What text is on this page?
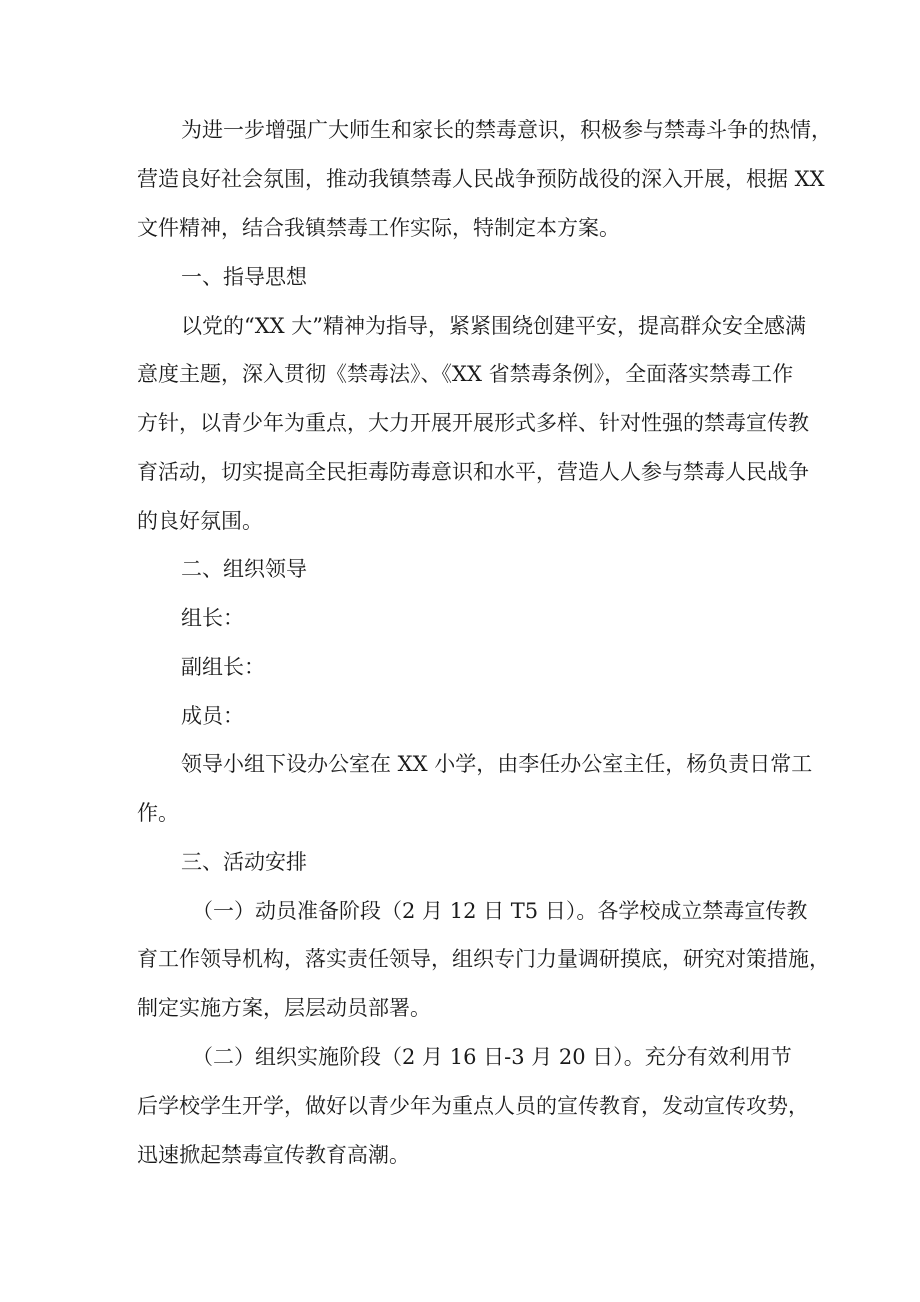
为进一步增强广大师生和家长的禁毒意识，积极参与禁毒斗争的热情，
营造良好社会氛围，推动我镇禁毒人民战争预防战役的深入开展，根据 XX
文件精神，结合我镇禁毒工作实际，特制定本方案。
一、指导思想
以党的“XX 大”精神为指导，紧紧围绕创建平安，提高群众安全感满
意度主题，深入贯彻《禁毒法》、《XX 省禁毒条例》，全面落实禁毒工作
方针，以青少年为重点，大力开展开展形式多样、针对性强的禁毒宣传教
育活动，切实提高全民拒毒防毒意识和水平，营造人人参与禁毒人民战争
的良好氛围。
二、组织领导
组长：
副组长：
成员：
领导小组下设办公室在 XX 小学，由李任办公室主任，杨负责日常工
作。
三、活动安排
（一）动员准备阶段（2 月 12 日 T5 日）。各学校成立禁毒宣传教
育工作领导机构，落实责任领导，组织专门力量调研摸底，研究对策措施，
制定实施方案，层层动员部署。
（二）组织实施阶段（2 月 16 日-3 月 20 日）。充分有效利用节
后学校学生开学，做好以青少年为重点人员的宣传教育，发动宣传攻势，
迅速掀起禁毒宣传教育高潮。
